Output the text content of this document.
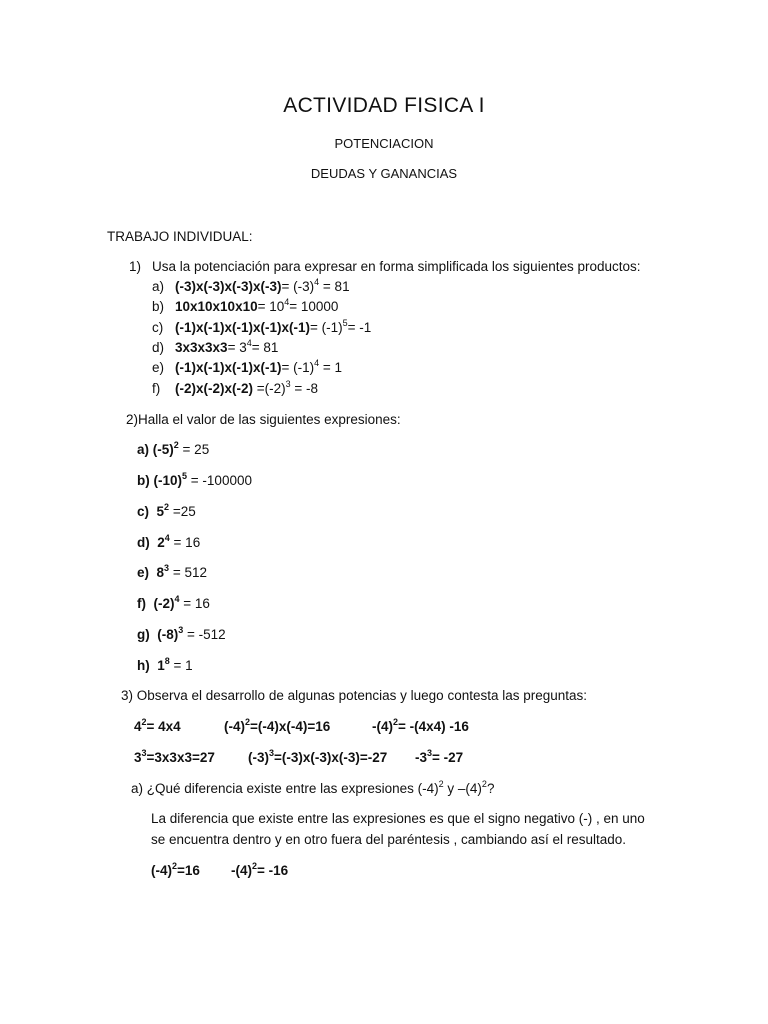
ACTIVIDAD FISICA I
POTENCIACION
DEUDAS Y GANANCIAS
TRABAJO INDIVIDUAL:
1) Usa la potenciación para expresar en forma simplificada los siguientes productos:
a) $(-3)x(-3)x(-3)x(-3)= (-3)^4 = 81$
b) $10x10x10x10= 10^4= 10000$
c) $(-1)x(-1)x(-1)x(-1)x(-1)= (-1)^5= -1$
d) $3x3x3x3= 3^4= 81$
e) $(-1)x(-1)x(-1)x(-1)= (-1)^4 = 1$
f) $(-2)x(-2)x(-2) =(-2)^3 = -8$
2)Halla el valor de las siguientes expresiones:
a) $(-5)^2 = 25$
b) $(-10)^5 = -100000$
c) $5^2 =25$
d) $2^4 = 16$
e) $8^3 = 512$
f) $(-2)^4 = 16$
g) $(-8)^3 = -512$
h) $1^8 = 1$
3) Observa el desarrollo de algunas potencias y luego contesta las preguntas:
$4^2= 4x4$	$(-4)^2=(-4)x(-4)=16$	$-(4)^2= -(4x4)$ -16
$3^3=3x3x3=27$ $(-3)^3=(-3)x(-3)x(-3)=-27$ $-3^3= -27$
a) ¿Qué diferencia existe entre las expresiones $(-4)^2$ y $-(4)^2$?
La diferencia que existe entre las expresiones es que el signo negativo (-) , en uno
se encuentra dentro y en otro fuera del paréntesis , cambiando así el resultado.
$(-4)^2=16$ $-(4)^2= -16$
